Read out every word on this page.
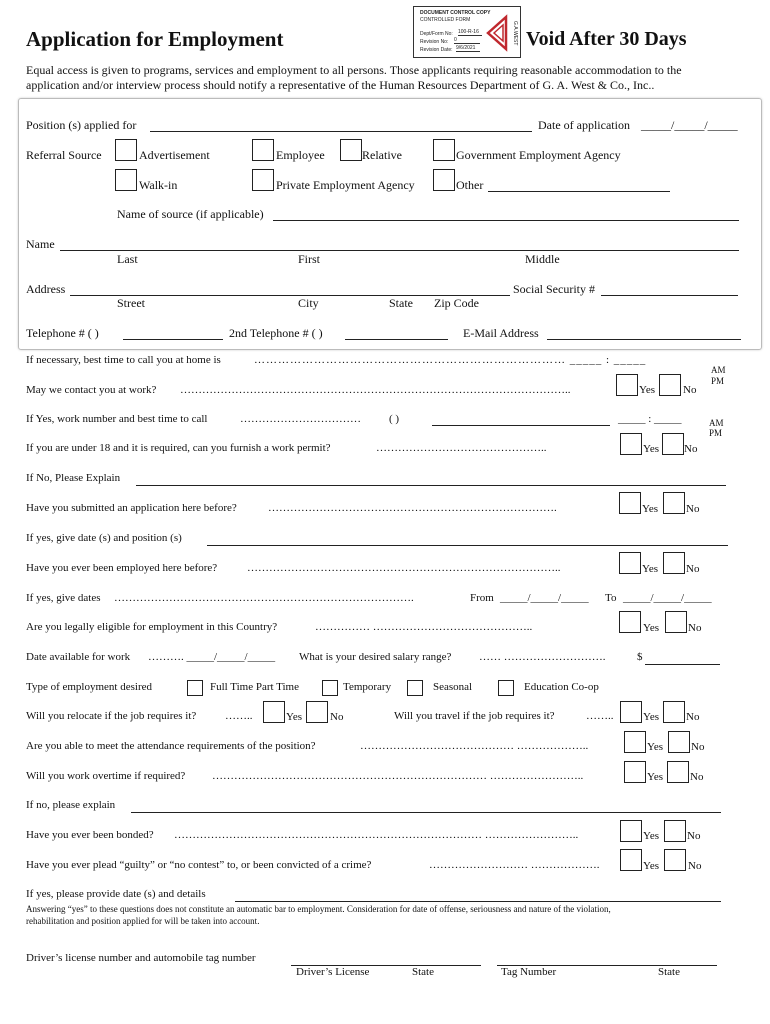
Application for Employment
DOCUMENT CONTROL COPY
CONTROLLED FORM
Dept/Form No: 100-R-16
Revision No: 0
Revision Date: 9/6/2021
G.A.WEST Void After 30 Days
Equal access is given to programs, services and employment to all persons. Those applicants requiring reasonable accommodation to the
application and/or interview process should notify a representative of the Human Resources Department of G. A. West & Co., Inc..
Position (s) applied for	Date of application _____/_____/_____
Referral Source	Advertisement	Employee	Relative	Government Employment Agency
Walk-in	Private Employment Agency	Other
Name of source (if applicable)
Name
Last	First	Middle
Address	Social Security #
Street	City	State Zip Code
Telephone # ( )	2nd Telephone # ( )	E-Mail Address
If necessary, best time to call you at home is	…………………………………………………………………… _____ : _____
AM
PM
May we contact you at work? ……………………………………………………………………………………………..	Yes	No
If Yes, work number and best time to call	……………………………	( )	_____ : _____	AM
PM
If you are under 18 and it is required, can you furnish a work permit?	………………………………………..	Yes No
If No, Please Explain
Have you submitted an application here before?	…………………………………………………………………….	Yes	No
If yes, give date (s) and position (s)
Have you ever been employed here before?	…………………………………………………………………………..	Yes	No
If yes, give dates ……………………………………………………………………….	From _____/_____/_____ To _____/_____/_____
Are you legally eligible for employment in this Country?	…………… ……………………………………..	Yes	No
Date available for work ………. _____/_____/_____ What is your desired salary range?	…… ……………………….	$
Type of employment desired	Full Time Part Time	Temporary	Seasonal	Education Co-op
Will you relocate if the job requires it?	……..	Yes	No	Will you travel if the job requires it?	……..	Yes No
Are you able to meet the attendance requirements of the position?	…………………………………… ………………..	Yes	No
Will you work overtime if required? ………………………………………………………………… ……………………..	Yes No
If no, please explain
Have you ever been bonded? ………………………………………………………………………… ……………………..	Yes	No
Have you ever plead “guilty” or “no contest” to, or been convicted of a crime?	……………………… ……………….	Yes	No
If yes, please provide date (s) and details
Answering “yes” to these questions does not constitute an automatic bar to employment. Consideration for date of offense, seriousness and nature of the violation,
rehabilitation and position applied for will be taken into account.
Driver’s license number and automobile tag number
Driver’s License	State	Tag Number	State
